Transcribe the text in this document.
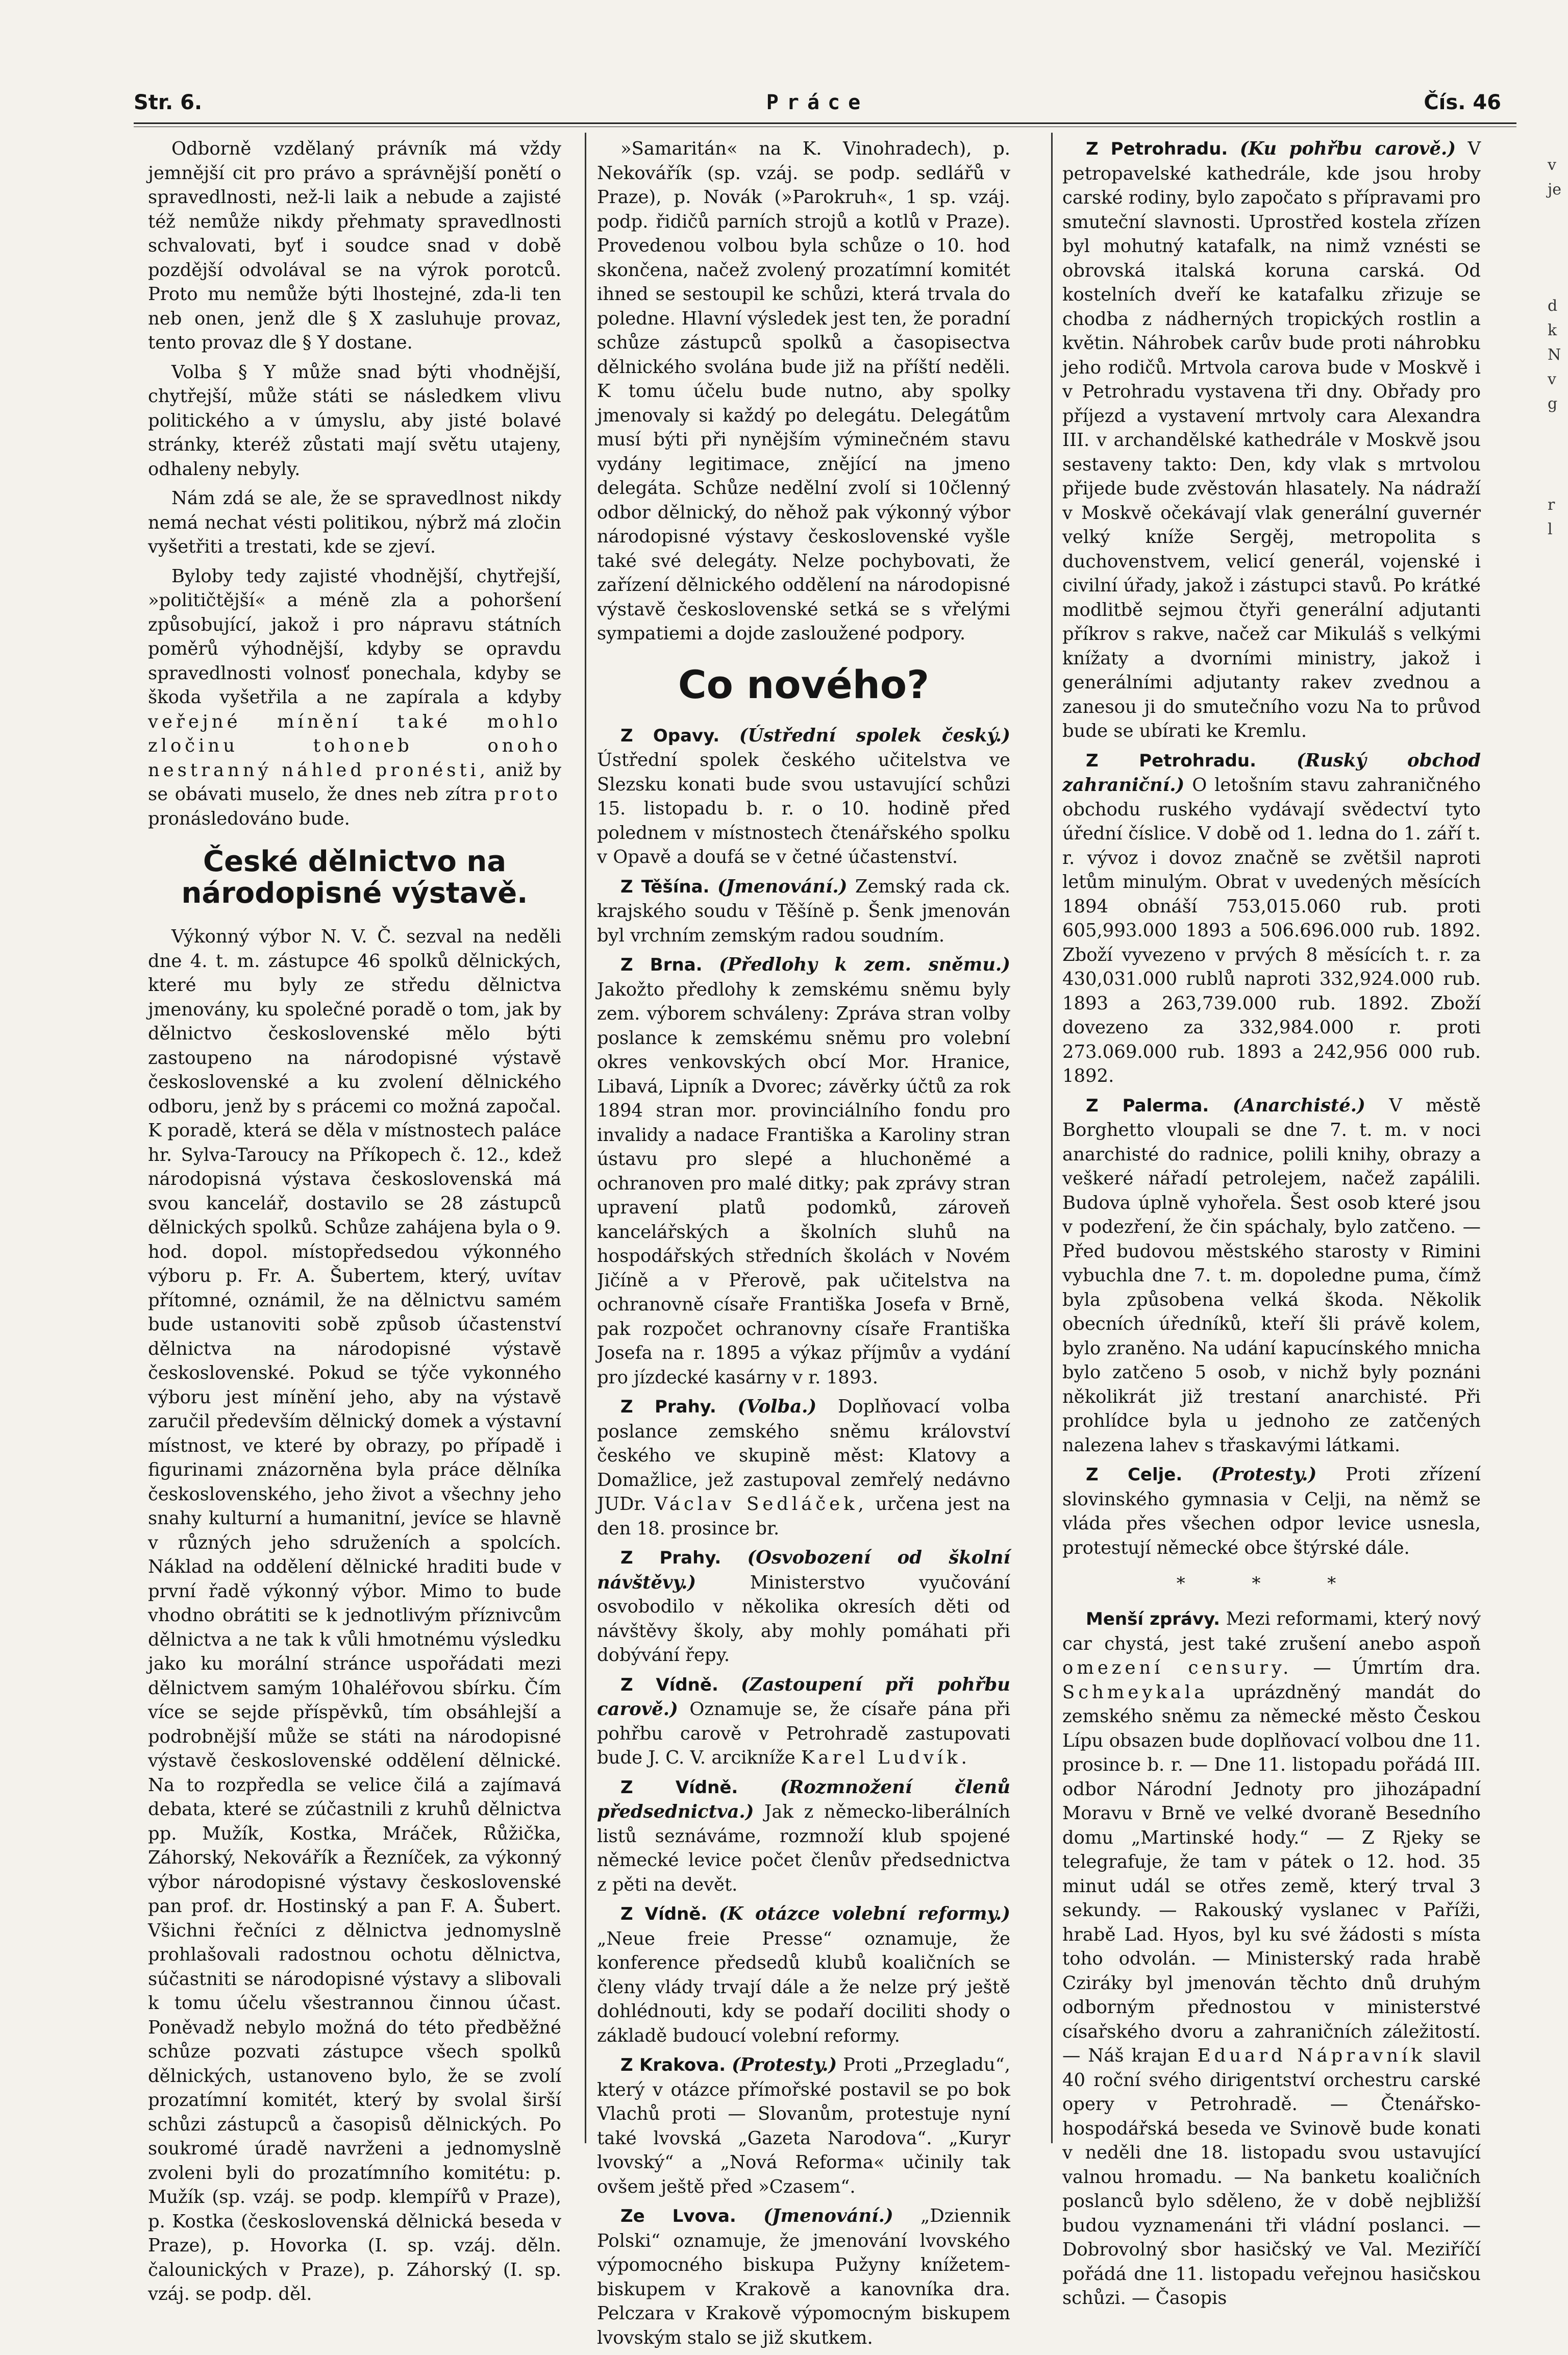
Str. 6.	Práce	Čís. 46

Odborně vzdělaný právník má vždy jemnější cit pro právo a správnější ponětí o spravedlnosti, než-li laik a nebude a zajisté též nemůže nikdy přehmaty spravedlnosti schvalovati, byť i soudce snad v době pozdější odvolával se na výrok porotců. Proto mu nemůže býti lhostejné, zda-li ten neb onen, jenž dle § X zasluhuje provaz, tento provaz dle § Y dostane.

Volba § Y může snad býti vhodnější, chytřejší, může státi se následkem vlivu politického a v úmyslu, aby jisté bolavé stránky, kteréž zůstati mají světu utajeny, odhaleny nebyly.

Nám zdá se ale, že se spravedlnost nikdy nemá nechat vésti politikou, nýbrž má zločin vyšetřiti a trestati, kde se zjeví.

Byloby tedy zajisté vhodnější, chytřejší, »političtější« a méně zla a pohoršení způsobující, jakož i pro nápravu státních poměrů výhodnější, kdyby se opravdu spravedlnosti volnosť ponechala, kdyby se škoda vyšetřila a ne zapírala a kdyby veřejné mínění také mohlo zločinu tohoneb onoho nestranný náhled pronésti, aniž by se obávati muselo, že dnes neb zítra proto pronásledováno bude.

České dělnictvo na národopisné výstavě.

Výkonný výbor N. V. Č. sezval na neděli dne 4. t. m. zástupce 46 spolků dělnických, které mu byly ze středu dělnictva jmenovány, ku společné poradě o tom, jak by dělnictvo československé mělo býti zastoupeno na národopisné výstavě československé a ku zvolení dělnického odboru, jenž by s prácemi co možná započal. K poradě, která se děla v místnostech paláce hr. Sylva-Taroucy na Příkopech č. 12., kdež národopisná výstava československá má svou kancelář, dostavilo se 28 zástupců dělnických spolků. Schůze zahájena byla o 9. hod. dopol. místopředsedou výkonného výboru p. Fr. A. Šubertem, který, uvítav přítomné, oznámil, že na dělnictvu samém bude ustanoviti sobě způsob účastenství dělnictva na národopisné výstavě československé. Pokud se týče vykonného výboru jest mínění jeho, aby na výstavě zaručil především dělnický domek a výstavní místnost, ve které by obrazy, po případě i figurinami znázorněna byla práce dělníka československého, jeho život a všechny jeho snahy kulturní a humanitní, jevíce se hlavně v různých jeho sdruženích a spolcích. Náklad na oddělení dělnické hraditi bude v první řadě výkonný výbor. Mimo to bude vhodno obrátiti se k jednotlivým příznivcům dělnictva a ne tak k vůli hmotnému výsledku jako ku morální stránce uspořádati mezi dělnictvem samým 10haléřovou sbírku. Čím více se sejde příspěvků, tím obsáhlejší a podrobnější může se státi na národopisné výstavě československé oddělení dělnické. Na to rozpředla se velice čilá a zajímavá debata, které se zúčastnili z kruhů dělnictva pp. Mužík, Kostka, Mráček, Růžička, Záhorský, Nekovářík a Řezníček, za výkonný výbor národopisné výstavy československé pan prof. dr. Hostinský a pan F. A. Šubert. Všichni řečníci z dělnictva jednomyslně prohlašovali radostnou ochotu dělnictva, súčastniti se národopisné výstavy a slibovali k tomu účelu všestrannou činnou účast. Poněvadž nebylo možná do této předběžné schůze pozvati zástupce všech spolků dělnických, ustanoveno bylo, že se zvolí prozatímní komitét, který by svolal širší schůzi zástupců a časopisů dělnických. Po soukromé úradě navrženi a jednomyslně zvoleni byli do prozatímního komitétu: p. Mužík (sp. vzáj. se podp. klempířů v Praze), p. Kostka (československá dělnická beseda v Praze), p. Hovorka (I. sp. vzáj. děln. čalounických v Praze), p. Záhorský (I. sp. vzáj. se podp. děl.

»Samaritán« na K. Vinohradech), p. Nekovářík (sp. vzáj. se podp. sedlářů v Praze), p. Novák (»Parokruh«, 1 sp. vzáj. podp. řidičů parních strojů a kotlů v Praze). Provedenou volbou byla schůze o 10. hod skončena, načež zvolený prozatímní komitét ihned se sestoupil ke schůzi, která trvala do poledne. Hlavní výsledek jest ten, že poradní schůze zástupců spolků a časopisectva dělnického svolána bude již na příští neděli. K tomu účelu bude nutno, aby spolky jmenovaly si každý po delegátu. Delegátům musí býti při nynějším výminečném stavu vydány legitimace, znějící na jmeno delegáta. Schůze nedělní zvolí si 10členný odbor dělnický, do něhož pak výkonný výbor národopisné výstavy československé vyšle také své delegáty. Nelze pochybovati, že zařízení dělnického oddělení na národopisné výstavě československé setká se s vřelými sympatiemi a dojde zasloužené podpory.

Co nového?

Z Opavy. (Ústřední spolek český.) Ústřední spolek českého učitelstva ve Slezsku konati bude svou ustavující schůzi 15. listopadu b. r. o 10. hodině před polednem v místnostech čtenářského spolku v Opavě a doufá se v četné účastenství.

Z Těšína. (Jmenování.) Zemský rada ck. krajského soudu v Těšíně p. Šenk jmenován byl vrchním zemským radou soudním.

Z Brna. (Předlohy k zem. sněmu.) Jakožto předlohy k zemskému sněmu byly zem. výborem schváleny: Zpráva stran volby poslance k zemskému sněmu pro volební okres venkovských obcí Mor. Hranice, Libavá, Lipník a Dvorec; závěrky účtů za rok 1894 stran mor. provinciálního fondu pro invalidy a nadace Františka a Karoliny stran ústavu pro slepé a hluchoněmé a ochranoven pro malé ditky; pak zprávy stran upravení platů podomků, zároveň kancelářských a školních sluhů na hospodářských středních školách v Novém Jičíně a v Přerově, pak učitelstva na ochranovně císaře Františka Josefa v Brně, pak rozpočet ochranovny císaře Františka Josefa na r. 1895 a výkaz příjmův a vydání pro jízdecké kasárny v r. 1893.

Z Prahy. (Volba.) Doplňovací volba poslance zemského sněmu království českého ve skupině měst: Klatovy a Domažlice, jež zastupoval zemřelý nedávno JUDr. Václav Sedláček, určena jest na den 18. prosince br.

Z Prahy. (Osvobození od školní návštěvy.)	Ministerstvo vyučování osvobodilo v několika okresích děti od návštěvy školy, aby mohly pomáhati při dobývání řepy.

Z Vídně. (Zastoupení při pohřbu carově.) Oznamuje se, že císaře pána při pohřbu carově v Petrohradě zastupovati bude J. C. V. arcikníže Karel Ludvík.

Z Vídně. (Rozmnožení členů předsednictva.) Jak z německo-liberálních listů seznáváme, rozmnoží klub spojené německé levice počet členův předsednictva z pěti na devět.

Z Vídně. (K otázce volební reformy.) „Neue freie Presse“ oznamuje, že konference předsedů klubů koaličních se členy vlády trvají dále a že nelze prý ještě dohlédnouti, kdy se podaří dociliti shody o základě budoucí volební reformy.

Z Krakova. (Protesty.) Proti „Przegladu“, který v otázce přímořské postavil se po bok Vlachů proti — Slovanům, protestuje nyní také lvovská „Gazeta Narodova“. „Kuryr lvovský“ a „Nová Reforma« učinily tak ovšem ještě před »Czasem“.

Ze Lvova. (Jmenování.) „Dziennik Polski“ oznamuje, že jmenování lvovského výpomocného biskupa Pužyny knížetem-biskupem v Krakově a kanovníka dra. Pelczara v Krakově výpomocným biskupem lvovským stalo se již skutkem.

Z Petrohradu. (Ku pohřbu carově.) V petropavelské kathedrále, kde jsou hroby carské rodiny, bylo započato s přípravami pro smuteční slavnosti. Uprostřed kostela zřízen byl mohutný katafalk, na nimž vznésti se obrovská italská koruna carská. Od kostelních dveří ke katafalku zřizuje se chodba z nádherných tropických rostlin a květin. Náhrobek carův bude proti náhrobku jeho rodičů. Mrtvola carova bude v Moskvě i v Petrohradu vystavena tři dny. Obřady pro příjezd a vystavení mrtvoly cara Alexandra III. v archandělské kathedrále v Moskvě jsou sestaveny takto: Den, kdy vlak s mrtvolou přijede bude zvěstován hlasately. Na nádraží v Moskvě očekávají vlak generální guvernér velký kníže Sergěj, metropolita s duchovenstvem, velicí generál, vojenské i civilní úřady, jakož i zástupci stavů. Po krátké modlitbě sejmou čtyři generální adjutanti příkrov s rakve, načež car Mikuláš s velkými knížaty a dvorními ministry, jakož i generálními adjutanty rakev zvednou a zanesou ji do smutečního vozu Na to průvod bude se ubírati ke Kremlu.

Z Petrohradu. (Ruský obchod zahraniční.) O letošním stavu zahraničného obchodu ruského vydávají svědectví tyto úřední číslice. V době od 1. ledna do 1. září t. r. vývoz i dovoz značně se zvětšil naproti letům minulým. Obrat v uvedených měsících 1894 obnáší 753,015.060 rub. proti 605,993.000 1893 a 506.696.000 rub. 1892. Zboží vyvezeno v prvých 8 měsících t. r. za 430,031.000 rublů naproti 332,924.000 rub. 1893 a 263,739.000 rub. 1892. Zboží dovezeno za 332,984.000 r. proti 273.069.000 rub. 1893 a 242,956 000 rub. 1892.

Z Palerma. (Anarchisté.) V městě Borghetto vloupali se dne 7. t. m. v noci anarchisté do radnice, polili knihy, obrazy a veškeré nářadí petrolejem, načež zapálili. Budova úplně vyhořela. Šest osob které jsou v podezření, že čin spáchaly, bylo zatčeno. — Před budovou městského starosty v Rimini vybuchla dne 7. t. m. dopoledne puma, čímž byla způsobena velká škoda. Několik obecních úředníků, kteří šli právě kolem, bylo zraněno. Na udání kapucínského mnicha bylo zatčeno 5 osob, v nichž byly poznáni několikrát již trestaní anarchisté. Při prohlídce byla u jednoho ze zatčených nalezena lahev s třaskavými látkami.

Z Celje. (Protesty.) Proti zřízení slovinského gymnasia v Celji, na němž se vláda přes všechen odpor levice usnesla, protestují německé obce štýrské dále.

* * *

Menší zprávy. Mezi reformami, který nový car chystá, jest také zrušení anebo aspoň omezení censury. — Úmrtím dra. Schmeykala uprázdněný mandát do zemského sněmu za německé město Českou Lípu obsazen bude doplňovací volbou dne 11. prosince b. r. — Dne 11. listopadu pořádá III. odbor Národní Jednoty pro jihozápadní Moravu v Brně ve velké dvoraně Besedního domu „Martinské hody.“ — Z Rjeky se telegrafuje, že tam v pátek o 12. hod. 35 minut udál se otřes země, který trval 3 sekundy. — Rakouský vyslanec v Paříži, hrabě Lad. Hyos, byl ku své žádosti s místa toho odvolán. — Ministerský rada hrabě Cziráky byl jmenován těchto dnů druhým odborným přednostou v ministerstvé císařského dvoru a zahraničních záležitostí. — Náš krajan Eduard Nápravník slavil 40 roční svého dirigentství orchestru carské opery v Petrohradě. — Čtenářsko-hospodářská beseda ve Svinově bude konati v neděli dne 18. listopadu svou ustavující valnou hromadu. — Na banketu koaličních poslanců bylo sděleno, že v době nejbližší budou vyznamenáni tři vládní poslanci. — Dobrovolný sbor hasičský ve Val. Meziříčí pořádá dne 11. listopadu veřejnou hasičskou schůzi. — Časopis

v
je
d
k
N
v
g
r
l
